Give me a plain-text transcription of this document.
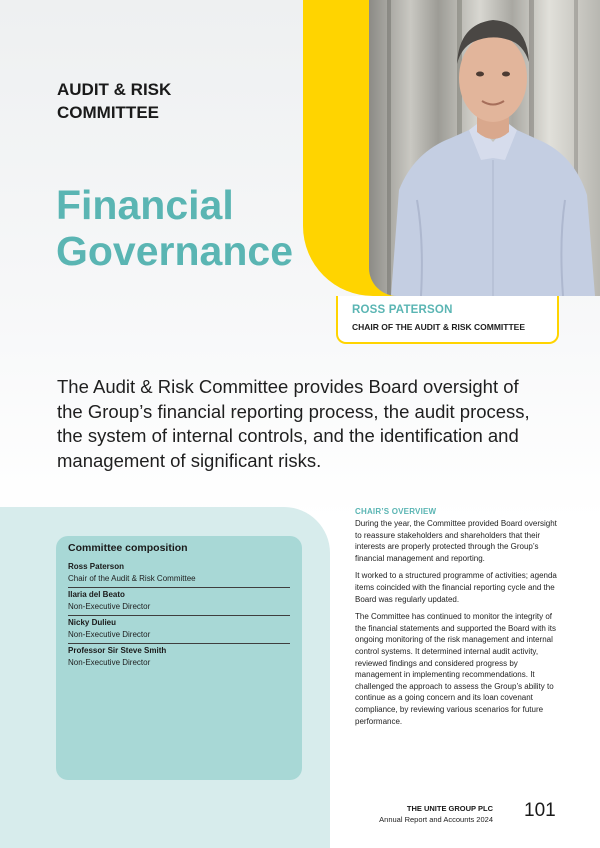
ROSS PATERSON
CHAIR OF THE AUDIT & RISK COMMITTEE
AUDIT & RISK COMMITTEE
Financial
Governance
The Audit & Risk Committee provides Board oversight of the Group’s financial reporting process, the audit process, the system of internal controls, and the identification and management of significant risks.
Committee composition
Ross Paterson
Chair of the Audit & Risk Committee
Ilaria del Beato
Non-Executive Director
Nicky Dulieu
Non-Executive Director
Professor Sir Steve Smith
Non-Executive Director
CHAIR’S OVERVIEW

During the year, the Committee provided Board oversight to reassure stakeholders and shareholders that their interests are properly protected through the Group’s financial management and reporting.

It worked to a structured programme of activities; agenda items coincided with the financial reporting cycle and the Board was regularly updated.

The Committee has continued to monitor the integrity of the financial statements and supported the Board with its ongoing monitoring of the risk management and internal control systems. It determined internal audit activity, reviewed findings and considered progress by management in implementing recommendations. It challenged the approach to assess the Group’s ability to continue as a going concern and its loan covenant compliance, by reviewing various scenarios for future performance.

THE UNITE GROUP PLC
Annual Report and Accounts 2024 101
